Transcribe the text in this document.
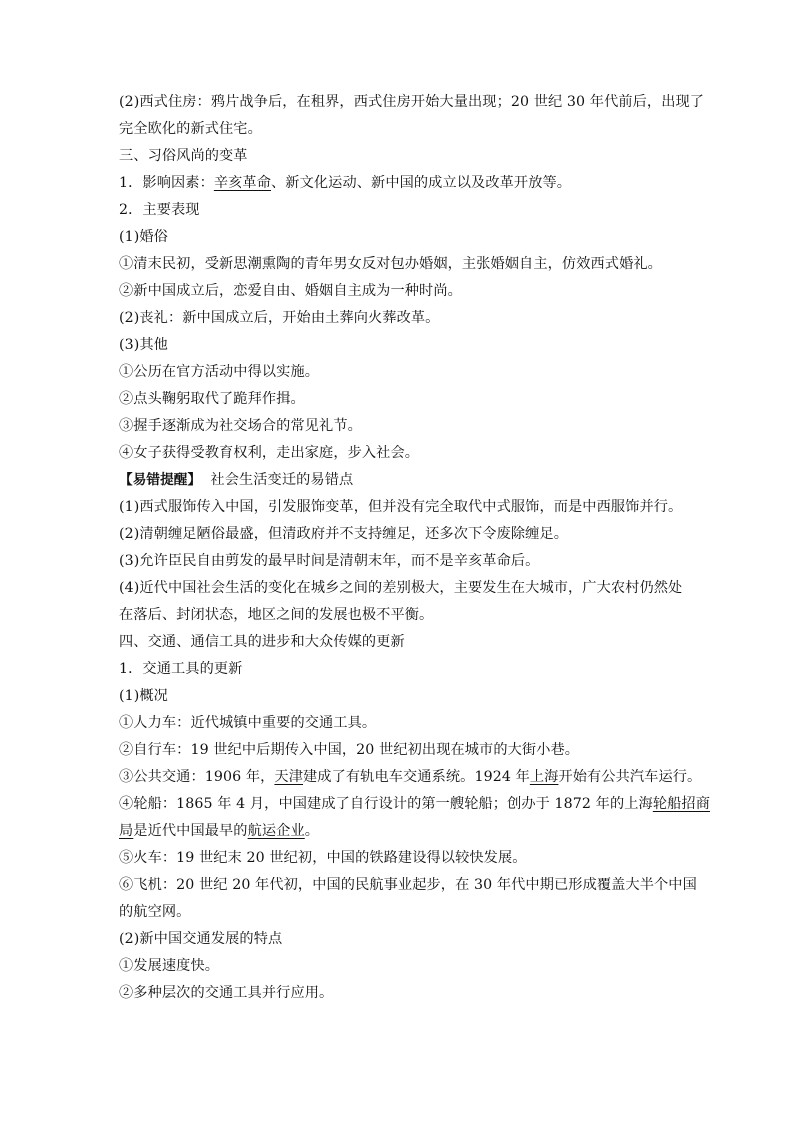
(2)西式住房：鸦片战争后，在租界，西式住房开始大量出现；20 世纪 30 年代前后，出现了
完全欧化的新式住宅。
三、习俗风尚的变革
1．影响因素：辛亥革命、新文化运动、新中国的成立以及改革开放等。
2．主要表现
(1)婚俗
①清末民初，受新思潮熏陶的青年男女反对包办婚姻，主张婚姻自主，仿效西式婚礼。
②新中国成立后，恋爱自由、婚姻自主成为一种时尚。
(2)丧礼：新中国成立后，开始由土葬向火葬改革。
(3)其他
①公历在官方活动中得以实施。
②点头鞠躬取代了跪拜作揖。
③握手逐渐成为社交场合的常见礼节。
④女子获得受教育权利，走出家庭，步入社会。
【易错提醒】 社会生活变迁的易错点
(1)西式服饰传入中国，引发服饰变革，但并没有完全取代中式服饰，而是中西服饰并行。
(2)清朝缠足陋俗最盛，但清政府并不支持缠足，还多次下令废除缠足。
(3)允许臣民自由剪发的最早时间是清朝末年，而不是辛亥革命后。
(4)近代中国社会生活的变化在城乡之间的差别极大，主要发生在大城市，广大农村仍然处
在落后、封闭状态，地区之间的发展也极不平衡。
四、交通、通信工具的进步和大众传媒的更新
1．交通工具的更新
(1)概况
①人力车：近代城镇中重要的交通工具。
②自行车：19 世纪中后期传入中国，20 世纪初出现在城市的大街小巷。
③公共交通：1906 年，天津建成了有轨电车交通系统。1924 年上海开始有公共汽车运行。
④轮船：1865 年 4 月，中国建成了自行设计的第一艘轮船；创办于 1872 年的上海轮船招商
局是近代中国最早的航运企业。
⑤火车：19 世纪末 20 世纪初，中国的铁路建设得以较快发展。
⑥飞机：20 世纪 20 年代初，中国的民航事业起步，在 30 年代中期已形成覆盖大半个中国
的航空网。
(2)新中国交通发展的特点
①发展速度快。
②多种层次的交通工具并行应用。
